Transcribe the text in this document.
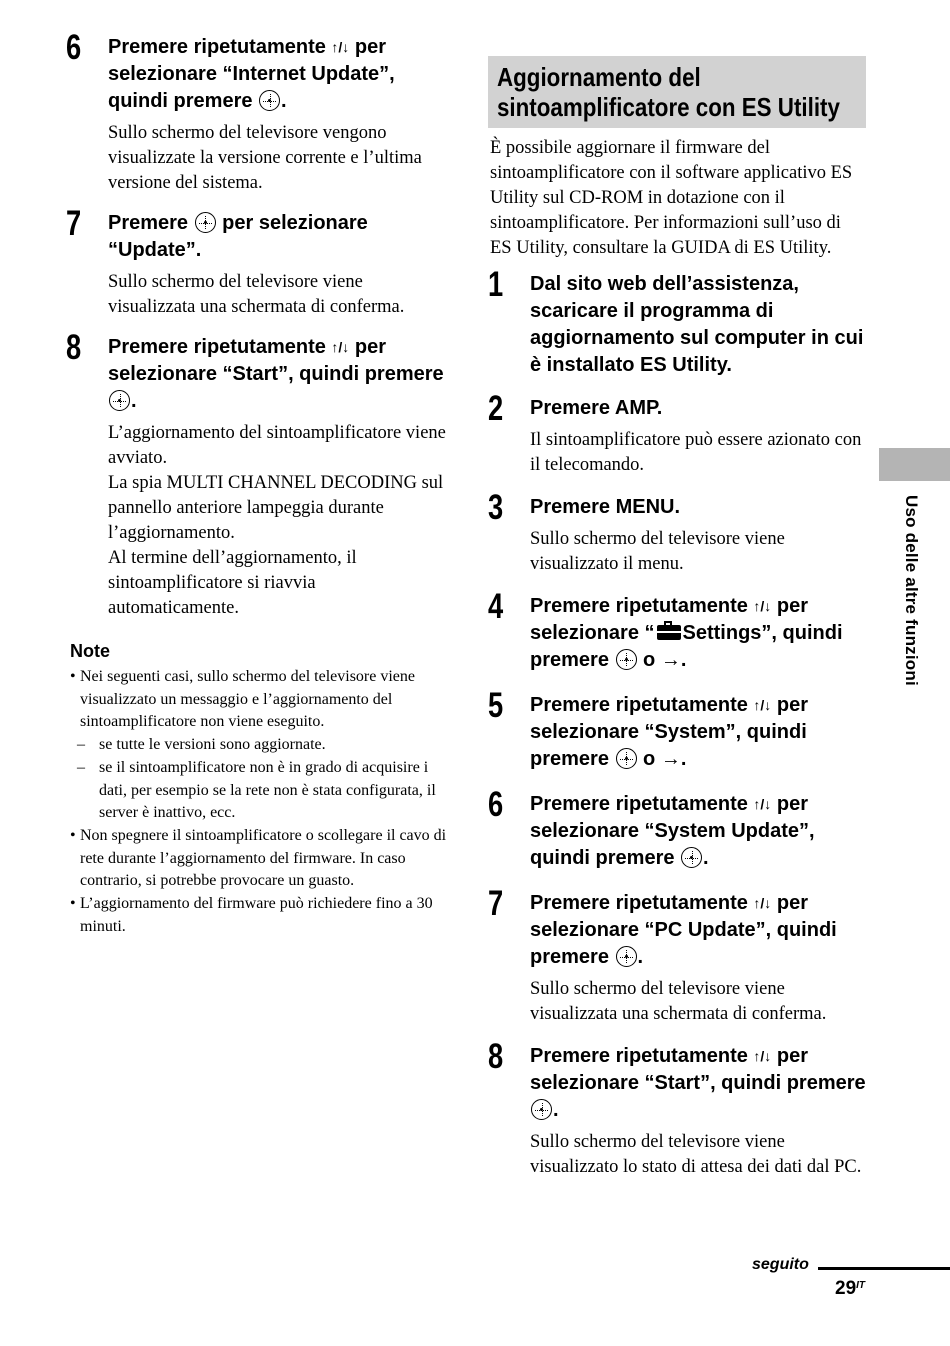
6 Premere ripetutamente ↑/↓ per selezionare “Internet Update”, quindi premere
.

Sullo schermo del televisore vengono visualizzate la versione corrente e l’ultima versione del sistema.

7 Premere
per selezionare “Update”.

Sullo schermo del televisore viene visualizzata una schermata di conferma.

8 Premere ripetutamente ↑/↓ per selezionare “Start”, quindi premere
.

L’aggiornamento del sintoamplificatore viene avviato.
La spia MULTI CHANNEL DECODING sul pannello anteriore lampeggia durante l’aggiornamento.
Al termine dell’aggiornamento, il sintoamplificatore si riavvia automaticamente.

Note

• Nei seguenti casi, sullo schermo del televisore viene visualizzato un messaggio e l’aggiornamento del sintoamplificatore non viene eseguito.
– se tutte le versioni sono aggiornate.
– se il sintoamplificatore non è in grado di acquisire i dati, per esempio se la rete non è stata configurata, il server è inattivo, ecc.
• Non spegnere il sintoamplificatore o scollegare il cavo di rete durante l’aggiornamento del firmware. In caso contrario, si potrebbe provocare un guasto.
• L’aggiornamento del firmware può richiedere fino a 30 minuti.

Aggiornamento del sintoamplificatore con ES Utility

È possibile aggiornare il firmware del sintoamplificatore con il software applicativo ES Utility sul CD-ROM in dotazione con il sintoamplificatore. Per informazioni sull’uso di ES Utility, consultare la GUIDA di ES Utility.

1 Dal sito web dell’assistenza, scaricare il programma di aggiornamento sul computer in cui è installato ES Utility.

2 Premere AMP.

Il sintoamplificatore può essere azionato con il telecomando.

3 Premere MENU.

Sullo schermo del televisore viene visualizzato il menu.

4 Premere ripetutamente ↑/↓ per selezionare “ Settings”, quindi premere
o →.

5 Premere ripetutamente ↑/↓ per selezionare “System”, quindi premere
o →.

6 Premere ripetutamente ↑/↓ per selezionare “System Update”, quindi premere
.

7 Premere ripetutamente ↑/↓ per selezionare “PC Update”, quindi premere
.

Sullo schermo del televisore viene visualizzata una schermata di conferma.

8 Premere ripetutamente ↑/↓ per selezionare “Start”, quindi premere
.

Sullo schermo del televisore viene visualizzato lo stato di attesa dei dati dal PC.

Uso delle altre funzioni
seguito
$29^{IT}$
